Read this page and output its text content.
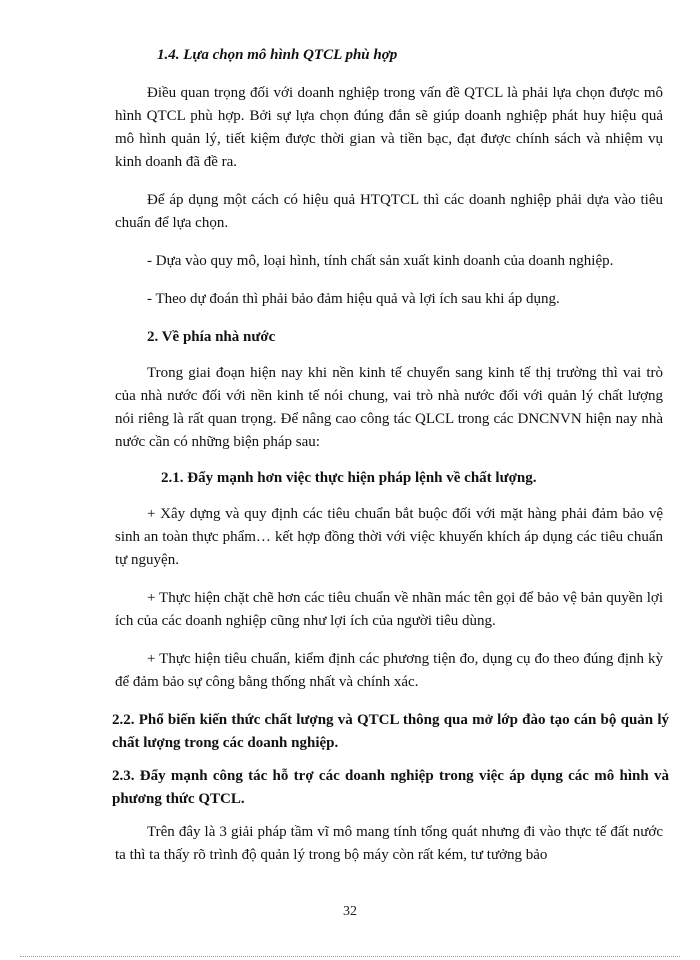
1.4. Lựa chọn mô hình QTCL phù hợp

Điều quan trọng đối với doanh nghiệp trong vấn đề QTCL là phải lựa chọn được mô hình QTCL phù hợp. Bởi sự lựa chọn đúng đắn sẽ giúp doanh nghiệp phát huy hiệu quả mô hình quản lý, tiết kiệm được thời gian và tiền bạc, đạt được chính sách và nhiệm vụ kinh doanh đã đề ra.

Để áp dụng một cách có hiệu quả HTQTCL thì các doanh nghiệp phải dựa vào tiêu chuẩn để lựa chọn.

- Dựa vào quy mô, loại hình, tính chất sản xuất kinh doanh của doanh nghiệp.

- Theo dự đoán thì phải bảo đảm hiệu quả và lợi ích sau khi áp dụng.

2. Về phía nhà nước

Trong giai đoạn hiện nay khi nền kinh tế chuyển sang kinh tế thị trường thì vai trò của nhà nước đối với nền kinh tế nói chung, vai trò nhà nước đối với quản lý chất lượng nói riêng là rất quan trọng. Để nâng cao công tác QLCL trong các DNCNVN hiện nay nhà nước cần có những biện pháp sau:

2.1. Đẩy mạnh hơn việc thực hiện pháp lệnh về chất lượng.

+ Xây dựng và quy định các tiêu chuẩn bắt buộc đối với mặt hàng phải đảm bảo vệ sinh an toàn thực phẩm… kết hợp đồng thời với việc khuyến khích áp dụng các tiêu chuẩn tự nguyện.

+ Thực hiện chặt chẽ hơn các tiêu chuẩn về nhãn mác tên gọi để bảo vệ bản quyền lợi ích của các doanh nghiệp cũng như lợi ích của người tiêu dùng.

+ Thực hiện tiêu chuẩn, kiểm định các phương tiện đo, dụng cụ đo theo đúng định kỳ để đảm bảo sự công bằng thống nhất và chính xác.

2.2. Phổ biến kiến thức chất lượng và QTCL thông qua mở lớp đào tạo cán bộ quản lý chất lượng trong các doanh nghiệp.

2.3. Đẩy mạnh công tác hỗ trợ các doanh nghiệp trong việc áp dụng các mô hình và phương thức QTCL.

Trên đây là 3 giải pháp tầm vĩ mô mang tính tổng quát nhưng đi vào thực tế đất nước ta thì ta thấy rõ trình độ quản lý trong bộ máy còn rất kém, tư tưởng bảo

32
